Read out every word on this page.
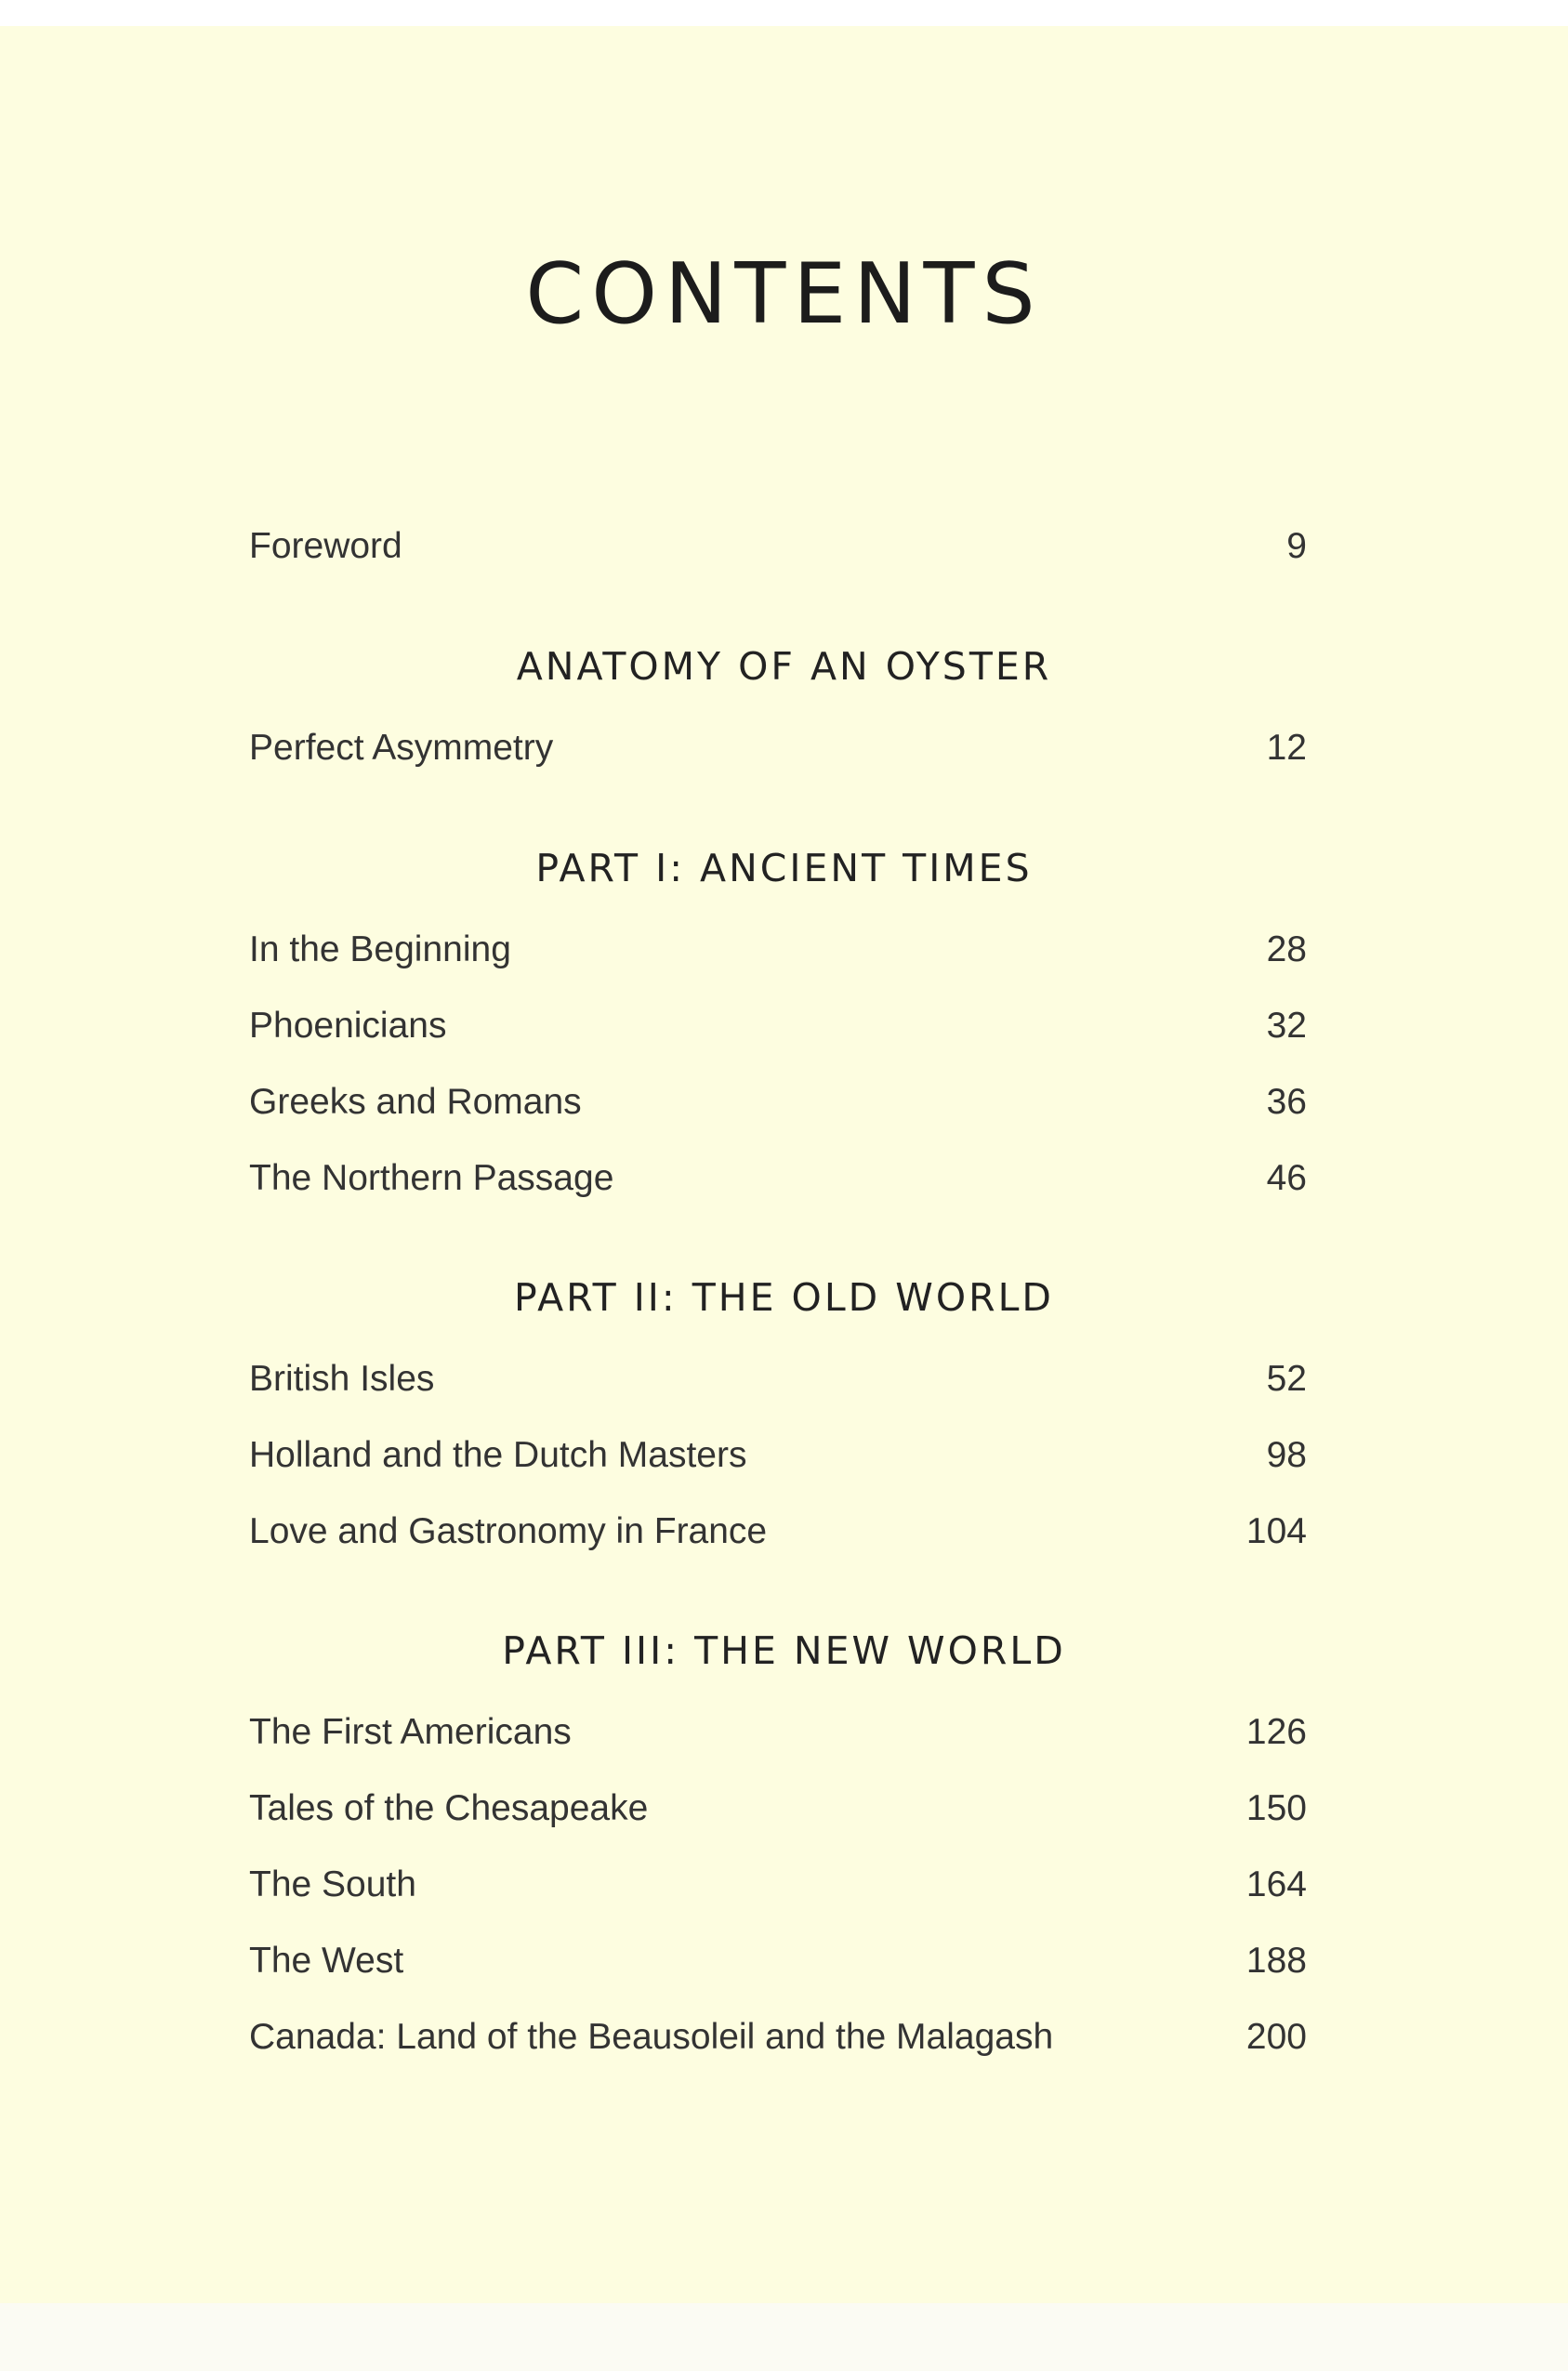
CONTENTS
Foreword	9
ANATOMY OF AN OYSTER
Perfect Asymmetry	12
PART I: ANCIENT TIMES
In the Beginning	28
Phoenicians	32
Greeks and Romans	36
The Northern Passage	46
PART II: THE OLD WORLD
British Isles	52
Holland and the Dutch Masters	98
Love and Gastronomy in France	104
PART III: THE NEW WORLD
The First Americans	126
Tales of the Chesapeake	150
The South	164
The West	188
Canada: Land of the Beausoleil and the Malagash	200
